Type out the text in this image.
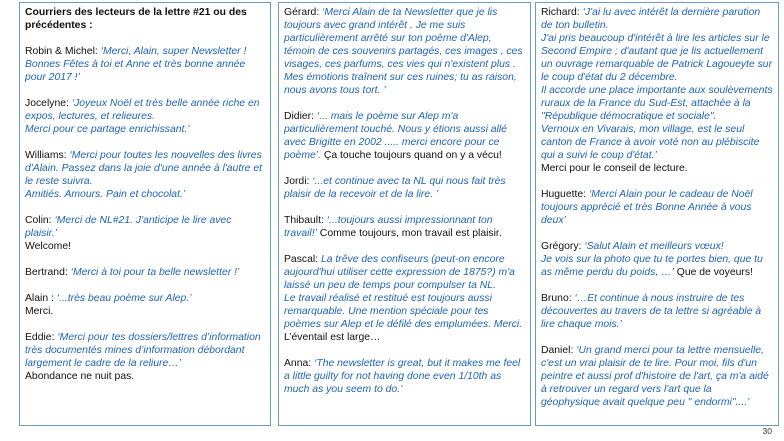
Courriers des lecteurs de la lettre #21 ou des précédentes :
Robin & Michel: ‘Merci, Alain, super Newsletter ! Bonnes Fêtes à toi et Anne et très bonne année pour 2017 !’
Jocelyne: ‘Joyeux Noël et très belle année riche en expos, lectures, et relieures.
Merci pour ce partage enrichissant.’
Williams: ‘Merci pour toutes les nouvelles des livres d'Alain. Passez dans la joie d'une année à l'autre et le reste suivra.
Amitiés. Amours. Pain et chocolat.’
Colin: ‘Merci de NL#21. J'anticipe le lire avec plaisir.’
Welcome!
Bertrand: ‘Merci à toi pour ta belle newsletter !’
Alain : ‘...très beau poème sur Alep.’
Merci.
Eddie: ‘Merci pour tes dossiers/lettres d’information très documentés mines d’information débordant largement le cadre de la reliure…’
Abondance ne nuit pas.
Gérard: ‘Merci Alain de ta Newsletter que je lis toujours avec grand intérêt . Je me suis particulièrement arrêté sur ton poème d'Alep, témoin de ces souvenirs partagés, ces images , ces visages, ces parfums, ces vies qui n'existent plus . Mes émotions traînent sur ces ruines; tu as raison, nous avons tous tort. ’
Didier: ‘... mais le poème sur Alep m'a particulièrement touché. Nous y étions aussi allé avec Brigitte en 2002 ..... merci encore pour ce poème’. Ça touche toujours quand on y a vécu!
Jordi: ‘...et continue avec ta NL qui nous fait très plaisir de la recevoir et de la lire. ’
Thibault: ‘...toujours aussi impressionnant ton travail!’ Comme toujours, mon travail est plaisir.
Pascal: La trêve des confiseurs (peut-on encore aujourd'hui utiliser cette expression de 1875?) m'a laissé un peu de temps pour compulser ta NL.
Le travail réalisé et restitué est toujours aussi remarquable. Une mention spéciale pour tes poèmes sur Alep et le défilé des emplumées. Merci.
L’éventail est large…
Anna: ‘The newsletter is great, but it makes me feel a little guilty for not having done even 1/10th as much as you seem to do.’
Richard: ‘J'ai lu avec intérêt la dernière parution de ton bulletin.
J'ai pris beaucoup d'intérêt à lire les articles sur le Second Empire ; d'autant que je lis actuellement un ouvrage remarquable de Patrick Lagoueyte sur le coup d'état du 2 décembre.
Il accorde une place importante aux soulèvements ruraux de la France du Sud-Est, attachée à la "République démocratique et sociale".
Vernoux en Vivarais, mon village, est le seul canton de France à avoir voté non au plébiscite qui a suivi le coup d'état.’
Merci pour le conseil de lecture.
Huguette: ‘Merci Alain pour le cadeau de Noël toujours apprécié et très Bonne Année à vous deux’
Grégory: ‘Salut Alain et meilleurs vœux!
Je vois sur la photo que tu te portes bien, que tu as même perdu du poids, …’ Que de voyeurs!
Bruno: ‘…Et continue à nous instruire de tes découvertes au travers de ta lettre si agréable à lire chaque mois.’
Daniel: ‘Un grand merci pour ta lettre mensuelle, c'est un vrai plaisir de te lire. Pour moi, fils d'un peintre et aussi prof d'histoire de l'art, ça m'a aidé à retrouver un regard vers l'art que la géophysique avait quelque peu " endormi"....’
30
